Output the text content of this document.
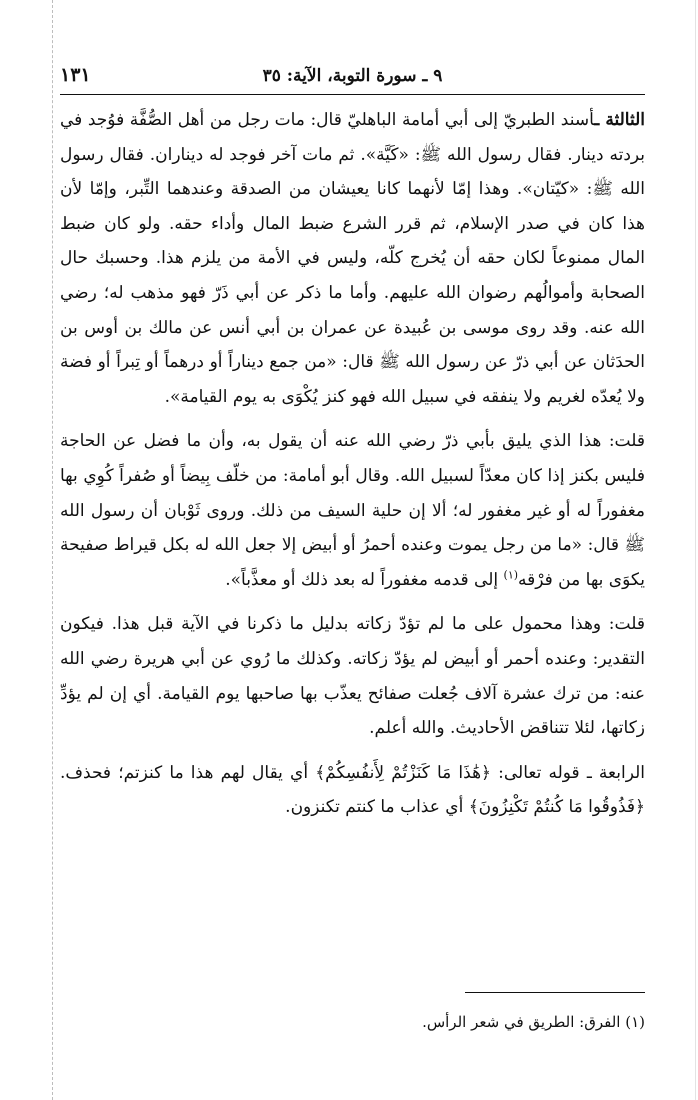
٩ ـ سورة التوبة، الآية: ٣٥
١٣١

الثالثة ـأسند الطبريّ إلى أبي أمامة الباهليّ قال: مات رجل من أهل الصُّفَّة فوُجد في بردته دينار. فقال رسول الله ﷺ: «كَيَّة». ثم مات آخر فوجد له ديناران. فقال رسول الله ﷺ: «كيّتان». وهذا إمّا لأنهما كانا يعيشان من الصدقة وعندهما التِّبر، وإمّا لأن هذا كان في صدر الإسلام، ثم قرر الشرع ضبط المال وأداء حقه. ولو كان ضبط المال ممنوعاً لكان حقه أن يُخرج كلّه، وليس في الأمة من يلزم هذا. وحسبك حال الصحابة وأموالُهم رضوان الله عليهم. وأما ما ذكر عن أبي ذَرّ فهو مذهب له؛ رضي الله عنه. وقد روى موسى بن عُبيدة عن عمران بن أبي أنس عن مالك بن أوس بن الحدَثان عن أبي ذرّ عن رسول الله ﷺ قال: «من جمع ديناراً أو درهماً أو تِبراً أو فضة ولا يُعدّه لغريم ولا ينفقه في سبيل الله فهو كنز يُكْوَى به يوم القيامة».

قلت: هذا الذي يليق بأبي ذرّ رضي الله عنه أن يقول به، وأن ما فضل عن الحاجة فليس بكنز إذا كان معدّاً لسبيل الله. وقال أبو أمامة: من خلّف بِيضاً أو صُفراً كُوِي بها مغفوراً له أو غير مغفور له؛ ألا إن حلية السيف من ذلك. وروى ثَوْبان أن رسول الله ﷺ قال: «ما من رجل يموت وعنده أحمرُ أو أبيض إلا جعل الله له بكل قيراط صفيحة يكوَى بها من فرْقه$^{(١)}$ إلى قدمه مغفوراً له بعد ذلك أو معذَّباً».

قلت: وهذا محمول على ما لم تؤدّ زكاته بدليل ما ذكرنا في الآية قبل هذا. فيكون التقدير: وعنده أحمر أو أبيض لم يؤدّ زكاته. وكذلك ما رُوي عن أبي هريرة رضي الله عنه: من ترك عشرة آلاف جُعلت صفائح يعذّب بها صاحبها يوم القيامة. أي إن لم يؤدِّ زكاتها، لئلا تتناقض الأحاديث. والله أعلم.

الرابعة ـ قوله تعالى: ﴿هَٰذَا مَا كَنَزْتُمْ لِأَنفُسِكُمْ﴾ أي يقال لهم هذا ما كنزتم؛ فحذف. ﴿فَذُوقُوا مَا كُنتُمْ تَكْنِزُونَ﴾ أي عذاب ما كنتم تكنزون.

(١) الفرق: الطريق في شعر الرأس.
